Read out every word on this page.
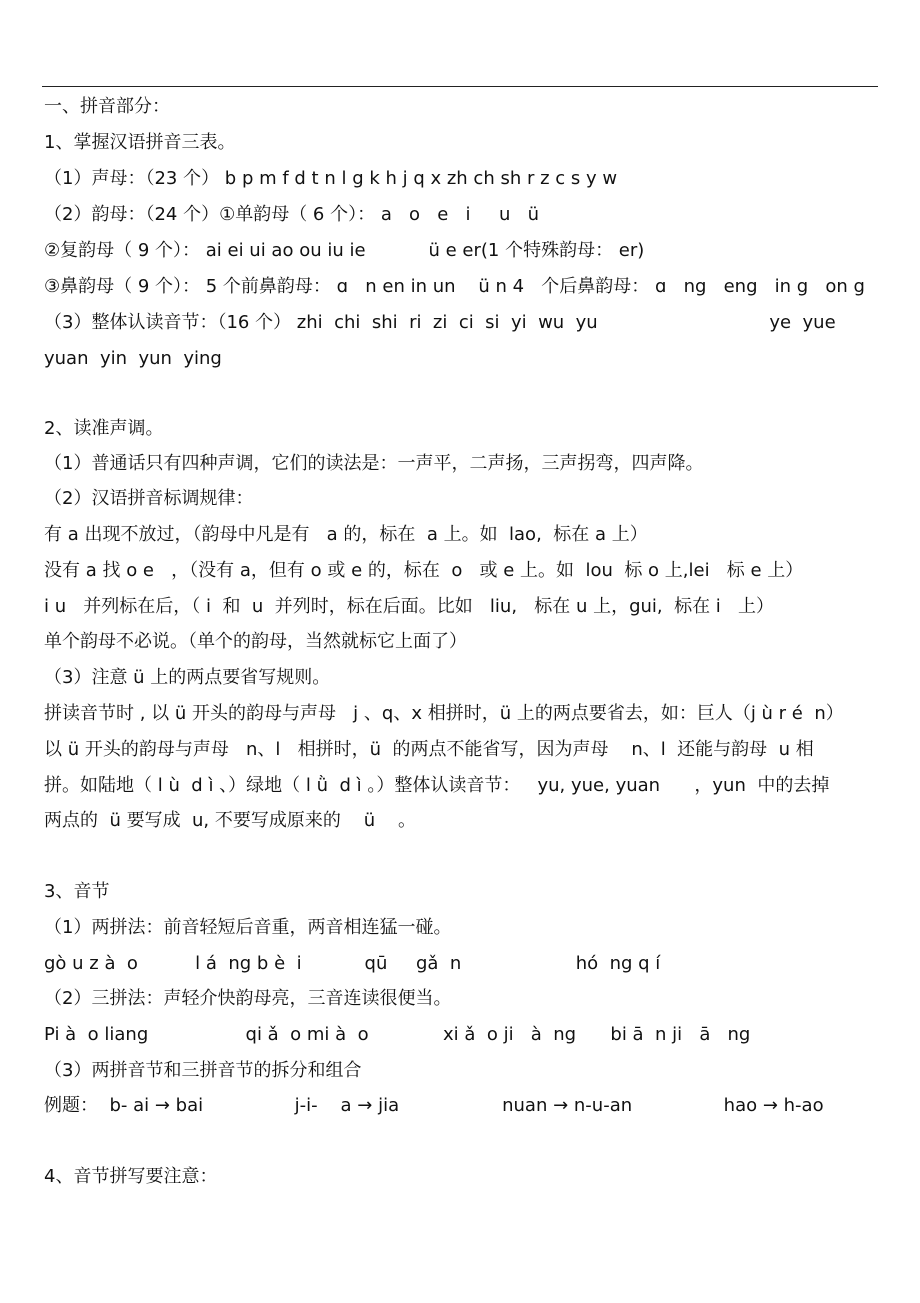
一、拼音部分：
1、掌握汉语拼音三表。
（1）声母：（23 个） b p m f d t n l g k h j q x zh ch sh r z c s y w
（2）韵母：（24 个）①单韵母（ 6 个）： a   o   e   i     u   ü
②复韵母（ 9 个）： ai ei ui ao ou iu ie           ü e er(1 个特殊韵母： er)
③鼻韵母（ 9 个）： 5 个前鼻韵母： ɑ   n en in un    ü n 4   个后鼻韵母： ɑ   ng   eng   in g   on g
（3）整体认读音节：（16 个） zhi  chi  shi  ri  zi  ci  si  yi  wu  yu                              ye  yue
yuan  yin  yun  ying
2、读准声调。
（1）普通话只有四种声调，它们的读法是：一声平，二声扬，三声拐弯，四声降。
（2）汉语拼音标调规律：
有 a 出现不放过，（韵母中凡是有   a 的，标在  a 上。如  lao,  标在 a 上）
没有 a 找 o e   ，（没有 a，但有 o 或 e 的，标在  o   或 e 上。如  lou  标 o 上,lei   标 e 上）
i u   并列标在后，（ i  和  u  并列时，标在后面。比如   liu,   标在 u 上，gui,  标在 i   上）
单个韵母不必说。（单个的韵母，当然就标它上面了）
（3）注意 ü 上的两点要省写规则。
拼读音节时 , 以 ü 开头的韵母与声母   j 、q、x 相拼时，ü 上的两点要省去，如：巨人（j ù r é  n）
以 ü 开头的韵母与声母   n、l   相拼时，ü  的两点不能省写，因为声母    n、l  还能与韵母  u 相
拼。如陆地（ l ù  d ì 、）绿地（ l ǜ  d ì 。）整体认读音节：   yu, yue, yuan      ，yun  中的去掉
两点的  ü 要写成  u, 不要写成原来的    ü    。
3、音节
（1）两拼法：前音轻短后音重，两音相连猛一碰。
gò u z à  o          l á  ng b è  i           qū     gǎ  n                    hó  ng q í
（2）三拼法：声轻介快韵母亮，三音连读很便当。
Pi à  o liang                 qi ǎ  o mi à  o             xi ǎ  o ji   à  ng      bi ā  n ji   ā   ng
（3）两拼音节和三拼音节的拆分和组合
例题：  b- ai → bai                j-i-    a → jia                  nuan → n-u-an                hao → h-ao
4、音节拼写要注意：
